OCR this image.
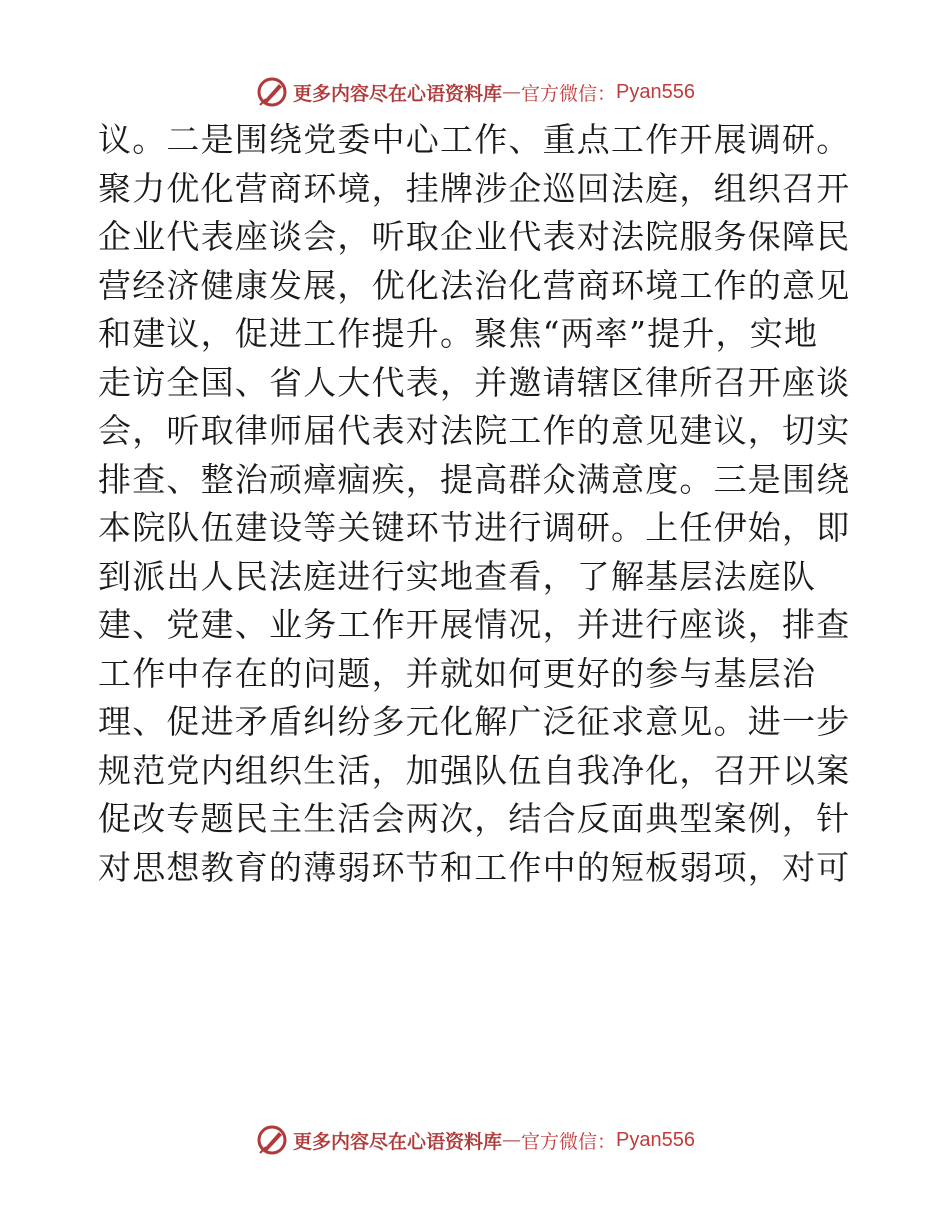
更多内容尽在心语资料库 — 官方微信： Pyan556
议。二是围绕党委中心工作、重点工作开展调研。
聚力优化营商环境，挂牌涉企巡回法庭，组织召开
企业代表座谈会，听取企业代表对法院服务保障民
营经济健康发展，优化法治化营商环境工作的意见
和建议，促进工作提升。聚焦“两率”提升，实地
走访全国、省人大代表，并邀请辖区律所召开座谈
会，听取律师届代表对法院工作的意见建议，切实
排查、整治顽瘴痼疾，提高群众满意度。三是围绕
本院队伍建设等关键环节进行调研。上任伊始，即
到派出人民法庭进行实地查看，了解基层法庭队
建、党建、业务工作开展情况，并进行座谈，排查
工作中存在的问题，并就如何更好的参与基层治
理、促进矛盾纠纷多元化解广泛征求意见。进一步
规范党内组织生活，加强队伍自我净化，召开以案
促改专题民主生活会两次，结合反面典型案例，针
对思想教育的薄弱环节和工作中的短板弱项，对可
更多内容尽在心语资料库 — 官方微信： Pyan556
